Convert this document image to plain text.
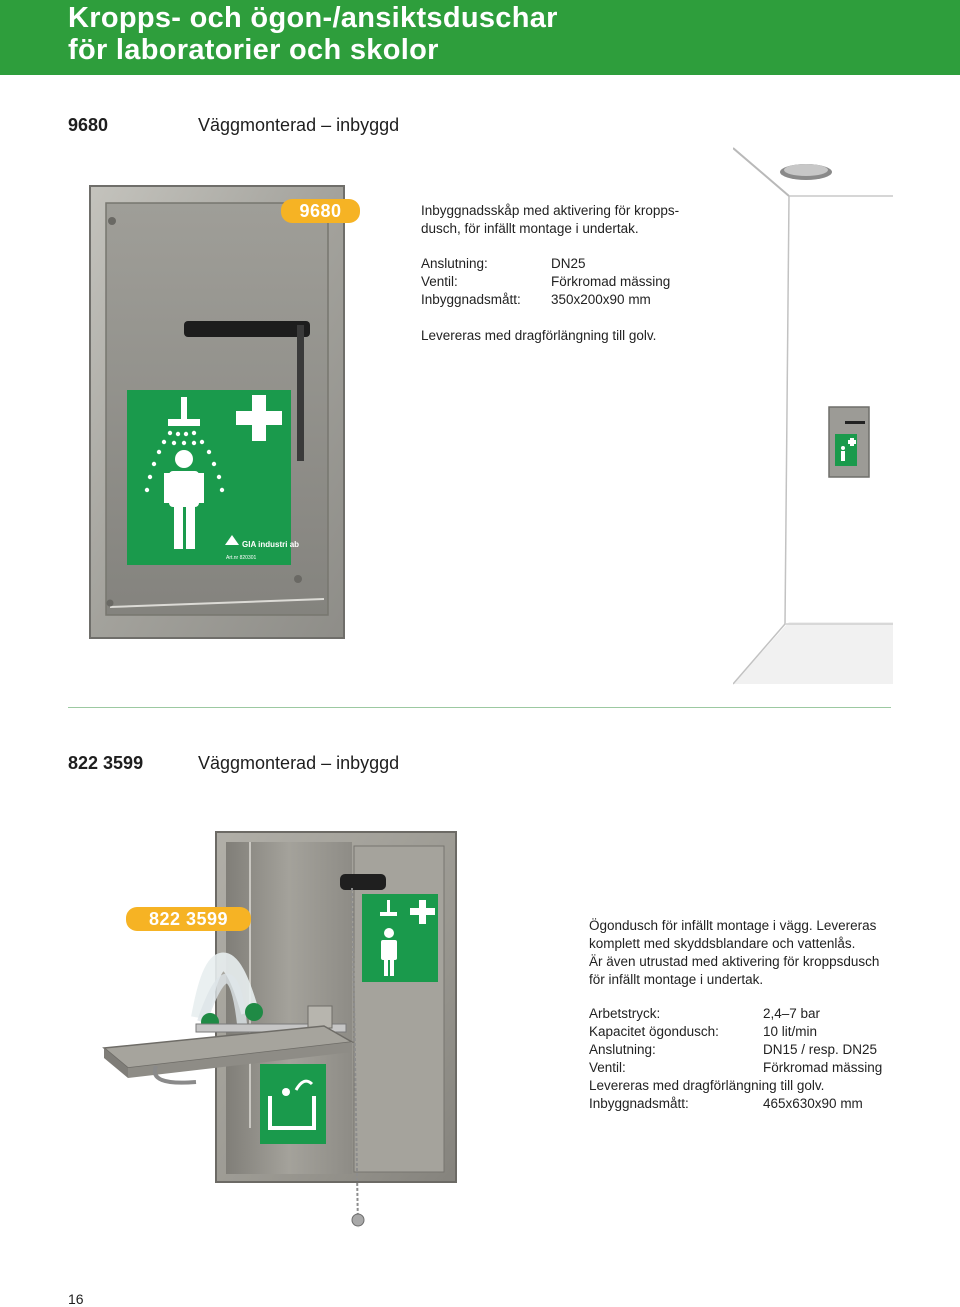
Kropps- och ögon-/ansiktsduschar
för laboratorier och skolor
9680	Väggmonterad – inbyggd
GIA industri ab
Art.nr 820301
9680	Inbyggnadsskåp med aktivering för kropps-
dusch, för infällt montage i undertak.

Anslutning:	DN25
Ventil:	Förkromad mässing
Inbyggnadsmått:	350x200x90 mm

Levereras med dragförlängning till golv.

822 3599	Väggmonterad – inbyggd
822 3599	Ögondusch för infällt montage i vägg. Levereras
komplett med skyddsblandare och vattenlås.
Är även utrustad med aktivering för kroppsdusch
för infällt montage i undertak.

Arbetstryck:	2,4–7 bar
Kapacitet ögondusch:	10 lit/min
Anslutning:	DN15 / resp. DN25
Ventil:	Förkromad mässing
Levereras med dragförlängning till golv.
Inbyggnadsmått:	465x630x90 mm
16
